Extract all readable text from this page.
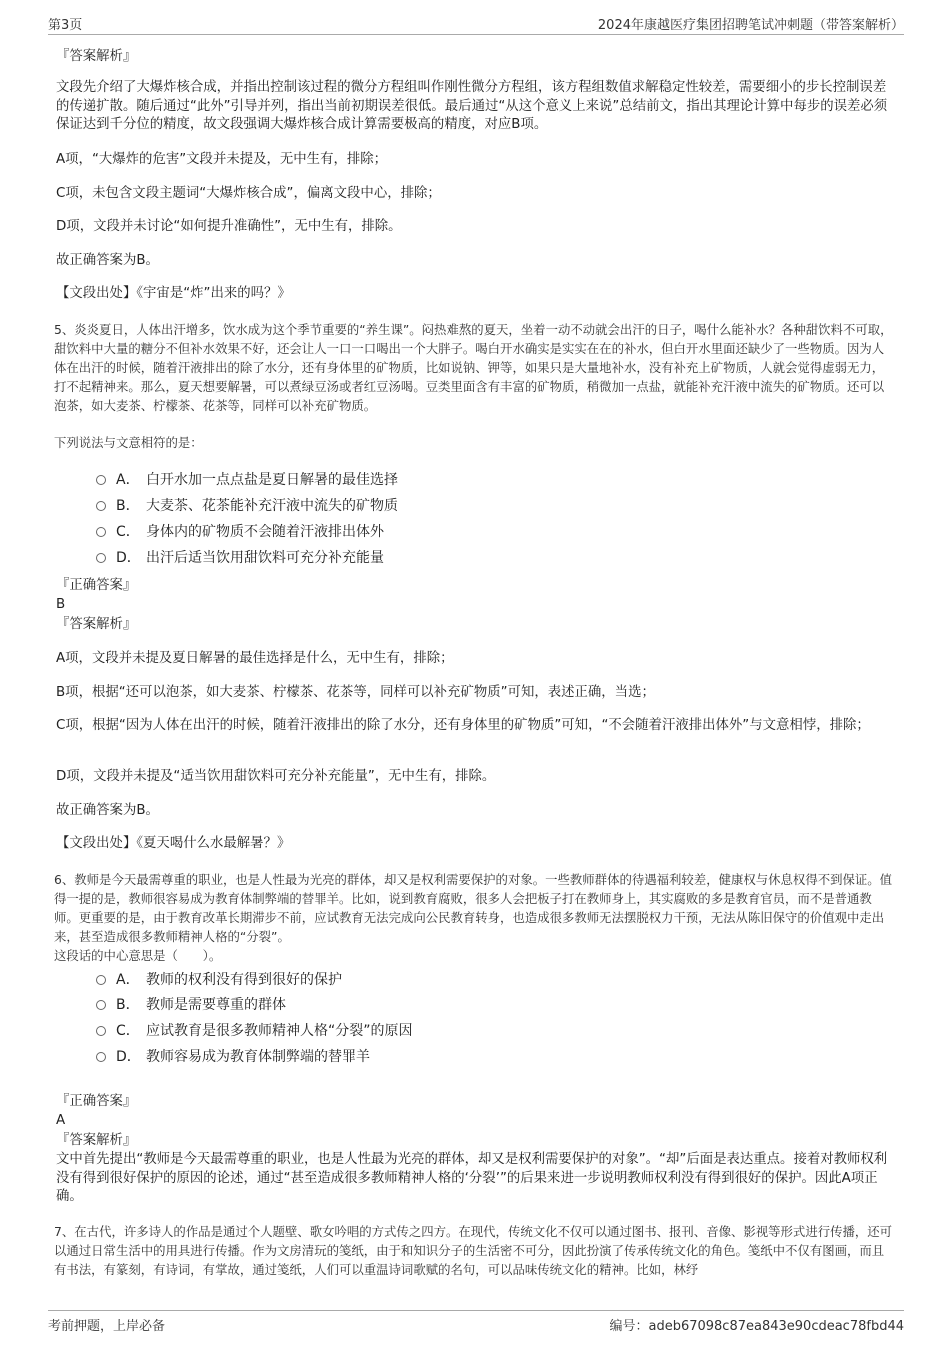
第3页	2024年康越医疗集团招聘笔试冲刺题（带答案解析）
『答案解析』
文段先介绍了大爆炸核合成，并指出控制该过程的微分方程组叫作刚性微分方程组，该方程组数值求解稳定性较差，需要细小的步长控制误差的传递扩散。随后通过“此外”引导并列，指出当前初期误差很低。最后通过“从这个意义上来说”总结前文，指出其理论计算中每步的误差必须保证达到千分位的精度，故文段强调大爆炸核合成计算需要极高的精度，对应B项。
A项，“大爆炸的危害”文段并未提及，无中生有，排除；
C项，未包含文段主题词“大爆炸核合成”，偏离文段中心，排除；
D项，文段并未讨论“如何提升准确性”，无中生有，排除。
故正确答案为B。
【文段出处】《宇宙是“炸”出来的吗？》
5、炎炎夏日，人体出汗增多，饮水成为这个季节重要的“养生课”。闷热难熬的夏天，坐着一动不动就会出汗的日子，喝什么能补水？各种甜饮料不可取，甜饮料中大量的糖分不但补水效果不好，还会让人一口一口喝出一个大胖子。喝白开水确实是实实在在的补水，但白开水里面还缺少了一些物质。因为人体在出汗的时候，随着汗液排出的除了水分，还有身体里的矿物质，比如说钠、钾等，如果只是大量地补水，没有补充上矿物质，人就会觉得虚弱无力，打不起精神来。那么，夏天想要解暑，可以煮绿豆汤或者红豆汤喝。豆类里面含有丰富的矿物质，稍微加一点盐，就能补充汗液中流失的矿物质。还可以泡茶，如大麦茶、柠檬茶、花茶等，同样可以补充矿物质。
下列说法与文意相符的是：
A． 白开水加一点点盐是夏日解暑的最佳选择
B． 大麦茶、花茶能补充汗液中流失的矿物质
C． 身体内的矿物质不会随着汗液排出体外
D． 出汗后适当饮用甜饮料可充分补充能量
『正确答案』
B
『答案解析』
A项，文段并未提及夏日解暑的最佳选择是什么，无中生有，排除；
B项，根据“还可以泡茶，如大麦茶、柠檬茶、花茶等，同样可以补充矿物质”可知，表述正确，当选；
C项，根据“因为人体在出汗的时候，随着汗液排出的除了水分，还有身体里的矿物质”可知，“不会随着汗液排出体外”与文意相悖，排除；
D项，文段并未提及“适当饮用甜饮料可充分补充能量”，无中生有，排除。
故正确答案为B。
【文段出处】《夏天喝什么水最解暑？》
6、教师是今天最需尊重的职业，也是人性最为光亮的群体，却又是权利需要保护的对象。一些教师群体的待遇福利较差，健康权与休息权得不到保证。值得一提的是，教师很容易成为教育体制弊端的替罪羊。比如，说到教育腐败，很多人会把板子打在教师身上，其实腐败的多是教育官员，而不是普通教师。更重要的是，由于教育改革长期滞步不前，应试教育无法完成向公民教育转身，也造成很多教师无法摆脱权力干预，无法从陈旧保守的价值观中走出来，甚至造成很多教师精神人格的“分裂”。
这段话的中心意思是（　　）。
A． 教师的权利没有得到很好的保护
B． 教师是需要尊重的群体
C． 应试教育是很多教师精神人格“分裂”的原因
D． 教师容易成为教育体制弊端的替罪羊
『正确答案』
A
『答案解析』
文中首先提出“教师是今天最需尊重的职业，也是人性最为光亮的群体，却又是权利需要保护的对象”。“却”后面是表达重点。接着对教师权利没有得到很好保护的原因的论述，通过“甚至造成很多教师精神人格的‘分裂’”的后果来进一步说明教师权利没有得到很好的保护。因此A项正确。
7、在古代，许多诗人的作品是通过个人题壁、歌女吟唱的方式传之四方。在现代，传统文化不仅可以通过图书、报刊、音像、影视等形式进行传播，还可以通过日常生活中的用具进行传播。作为文房清玩的笺纸，由于和知识分子的生活密不可分，因此扮演了传承传统文化的角色。笺纸中不仅有图画，而且有书法，有篆刻，有诗词，有掌故，通过笺纸，人们可以重温诗词歌赋的名句，可以品味传统文化的精神。比如，林纾
考前押题，上岸必备	编号：adeb67098c87ea843e90cdeac78fbd44
